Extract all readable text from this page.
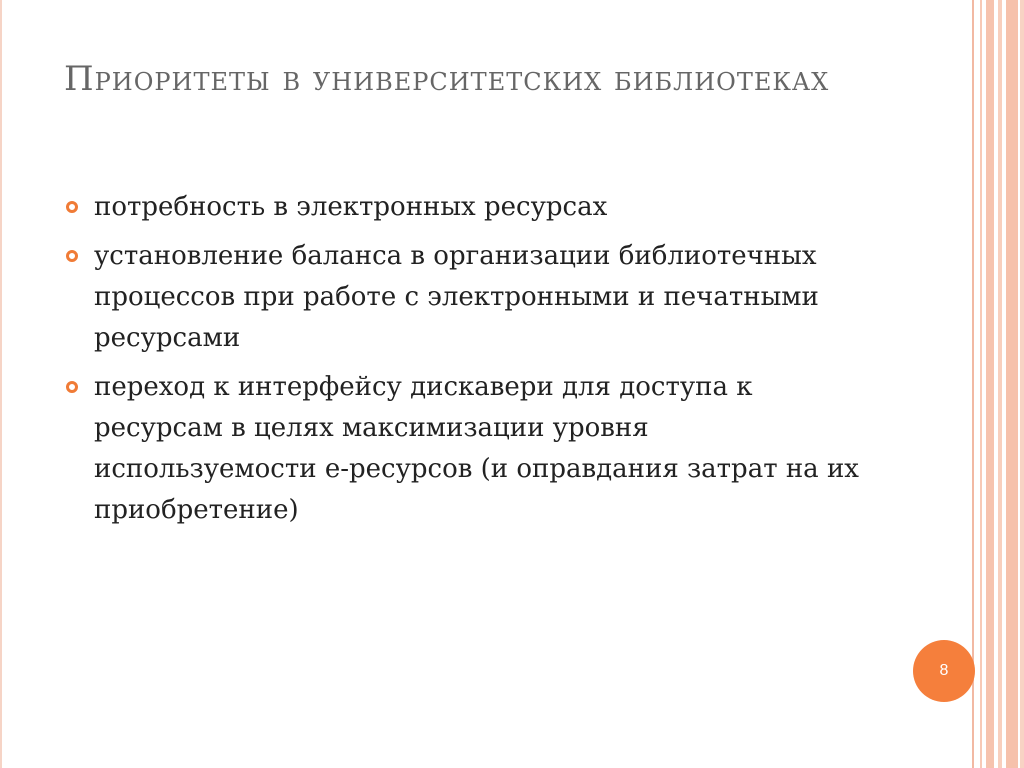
Приоритеты в университетских библиотеках
потребность в электронных ресурсах
установление баланса в организации библиотечных процессов при работе с электронными и печатными ресурсами
переход к интерфейсу дискавери для доступа к ресурсам в целях максимизации уровня используемости е-ресурсов (и оправдания затрат на их приобретение)
8
